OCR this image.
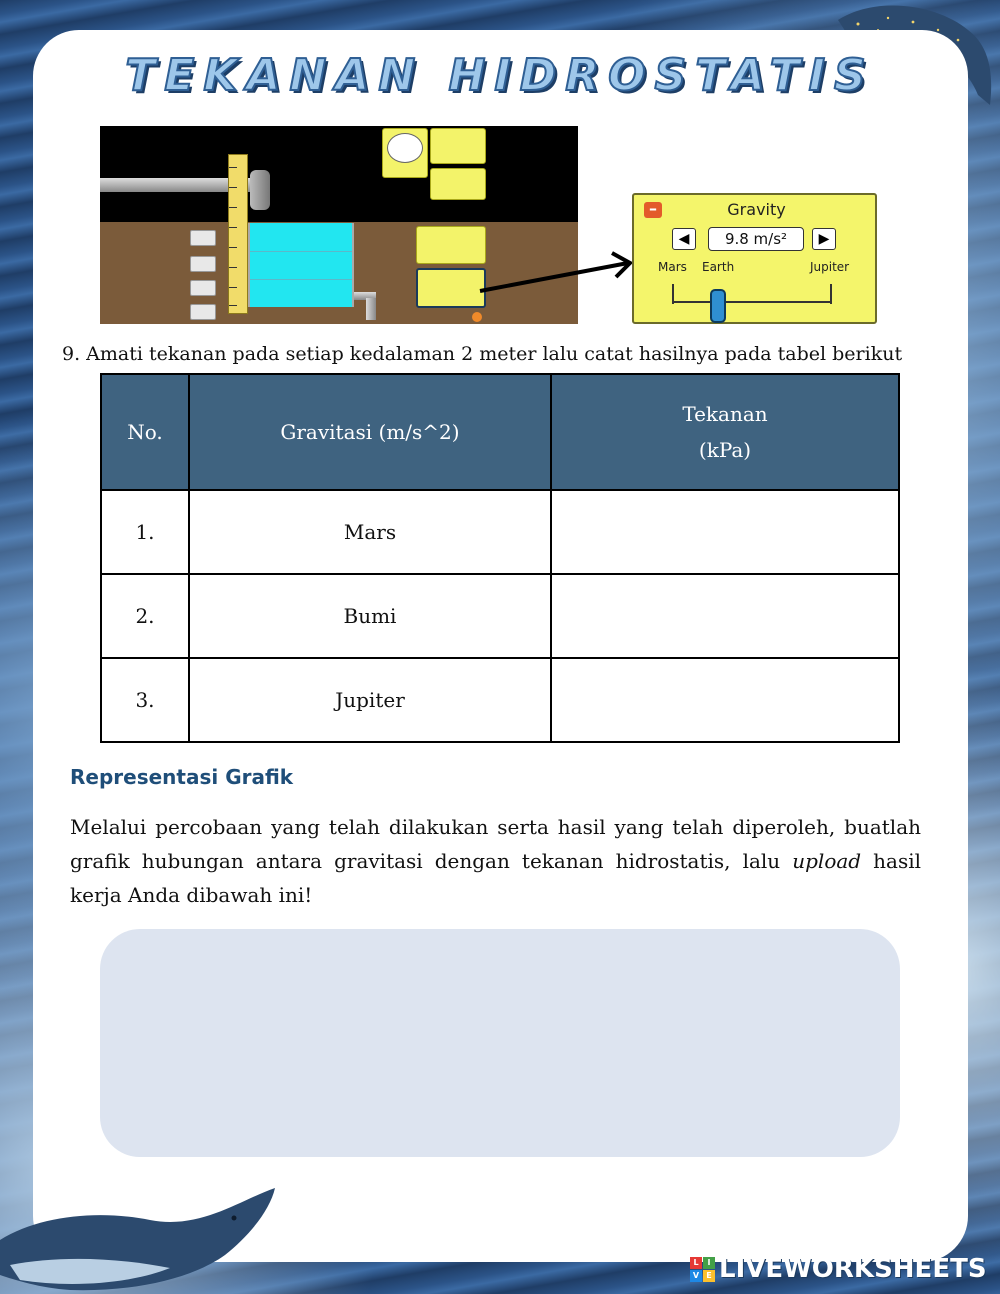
TEKANAN HIDROSTATIS
–	Gravity
◀	9.8 m/s²	▶
Mars Earth	Jupiter
9. Amati tekanan pada setiap kedalaman 2 meter lalu catat hasilnya pada tabel berikut
No.	Gravitasi (m/s^2)	Tekanan
(kPa)

1.	Mars	
2.	Bumi	
3.	Jupiter	
Representasi Grafik
Melalui percobaan yang telah dilakukan serta hasil yang telah diperoleh, buatlah grafik hubungan antara gravitasi dengan tekanan hidrostatis, lalu upload hasil kerja Anda dibawah ini!
L	I
V E LIVEWORKSHEETS
